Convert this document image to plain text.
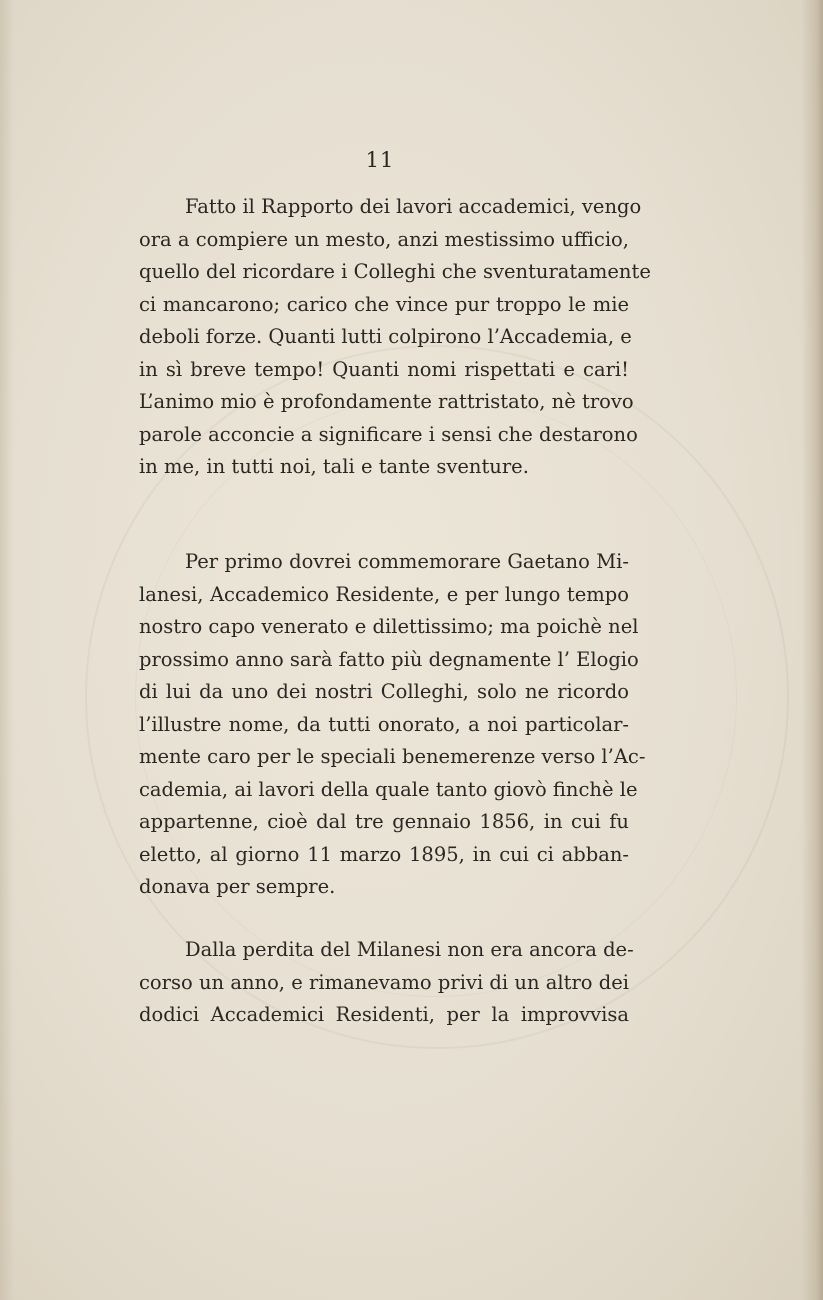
11
Fatto il Rapporto dei lavori accademici, vengo
ora a compiere un mesto, anzi mestissimo ufficio,
quello del ricordare i Colleghi che sventuratamente
ci mancarono; carico che vince pur troppo le mie
deboli forze. Quanti lutti colpirono l’Accademia, e
in sì breve tempo! Quanti nomi rispettati e cari!
L’animo mio è profondamente rattristato, nè trovo
parole acconcie a significare i sensi che destarono
in me, in tutti noi, tali e tante sventure.
Per primo dovrei commemorare Gaetano Mi-
lanesi, Accademico Residente, e per lungo tempo
nostro capo venerato e dilettissimo; ma poichè nel
prossimo anno sarà fatto più degnamente l’ Elogio
di lui da uno dei nostri Colleghi, solo ne ricordo
l’illustre nome, da tutti onorato, a noi particolar-
mente caro per le speciali benemerenze verso l’Ac-
cademia, ai lavori della quale tanto giovò finchè le
appartenne, cioè dal tre gennaio 1856, in cui fu
eletto, al giorno 11 marzo 1895, in cui ci abban-
donava per sempre.
Dalla perdita del Milanesi non era ancora de-
corso un anno, e rimanevamo privi di un altro dei
dodici Accademici Residenti, per la improvvisa
